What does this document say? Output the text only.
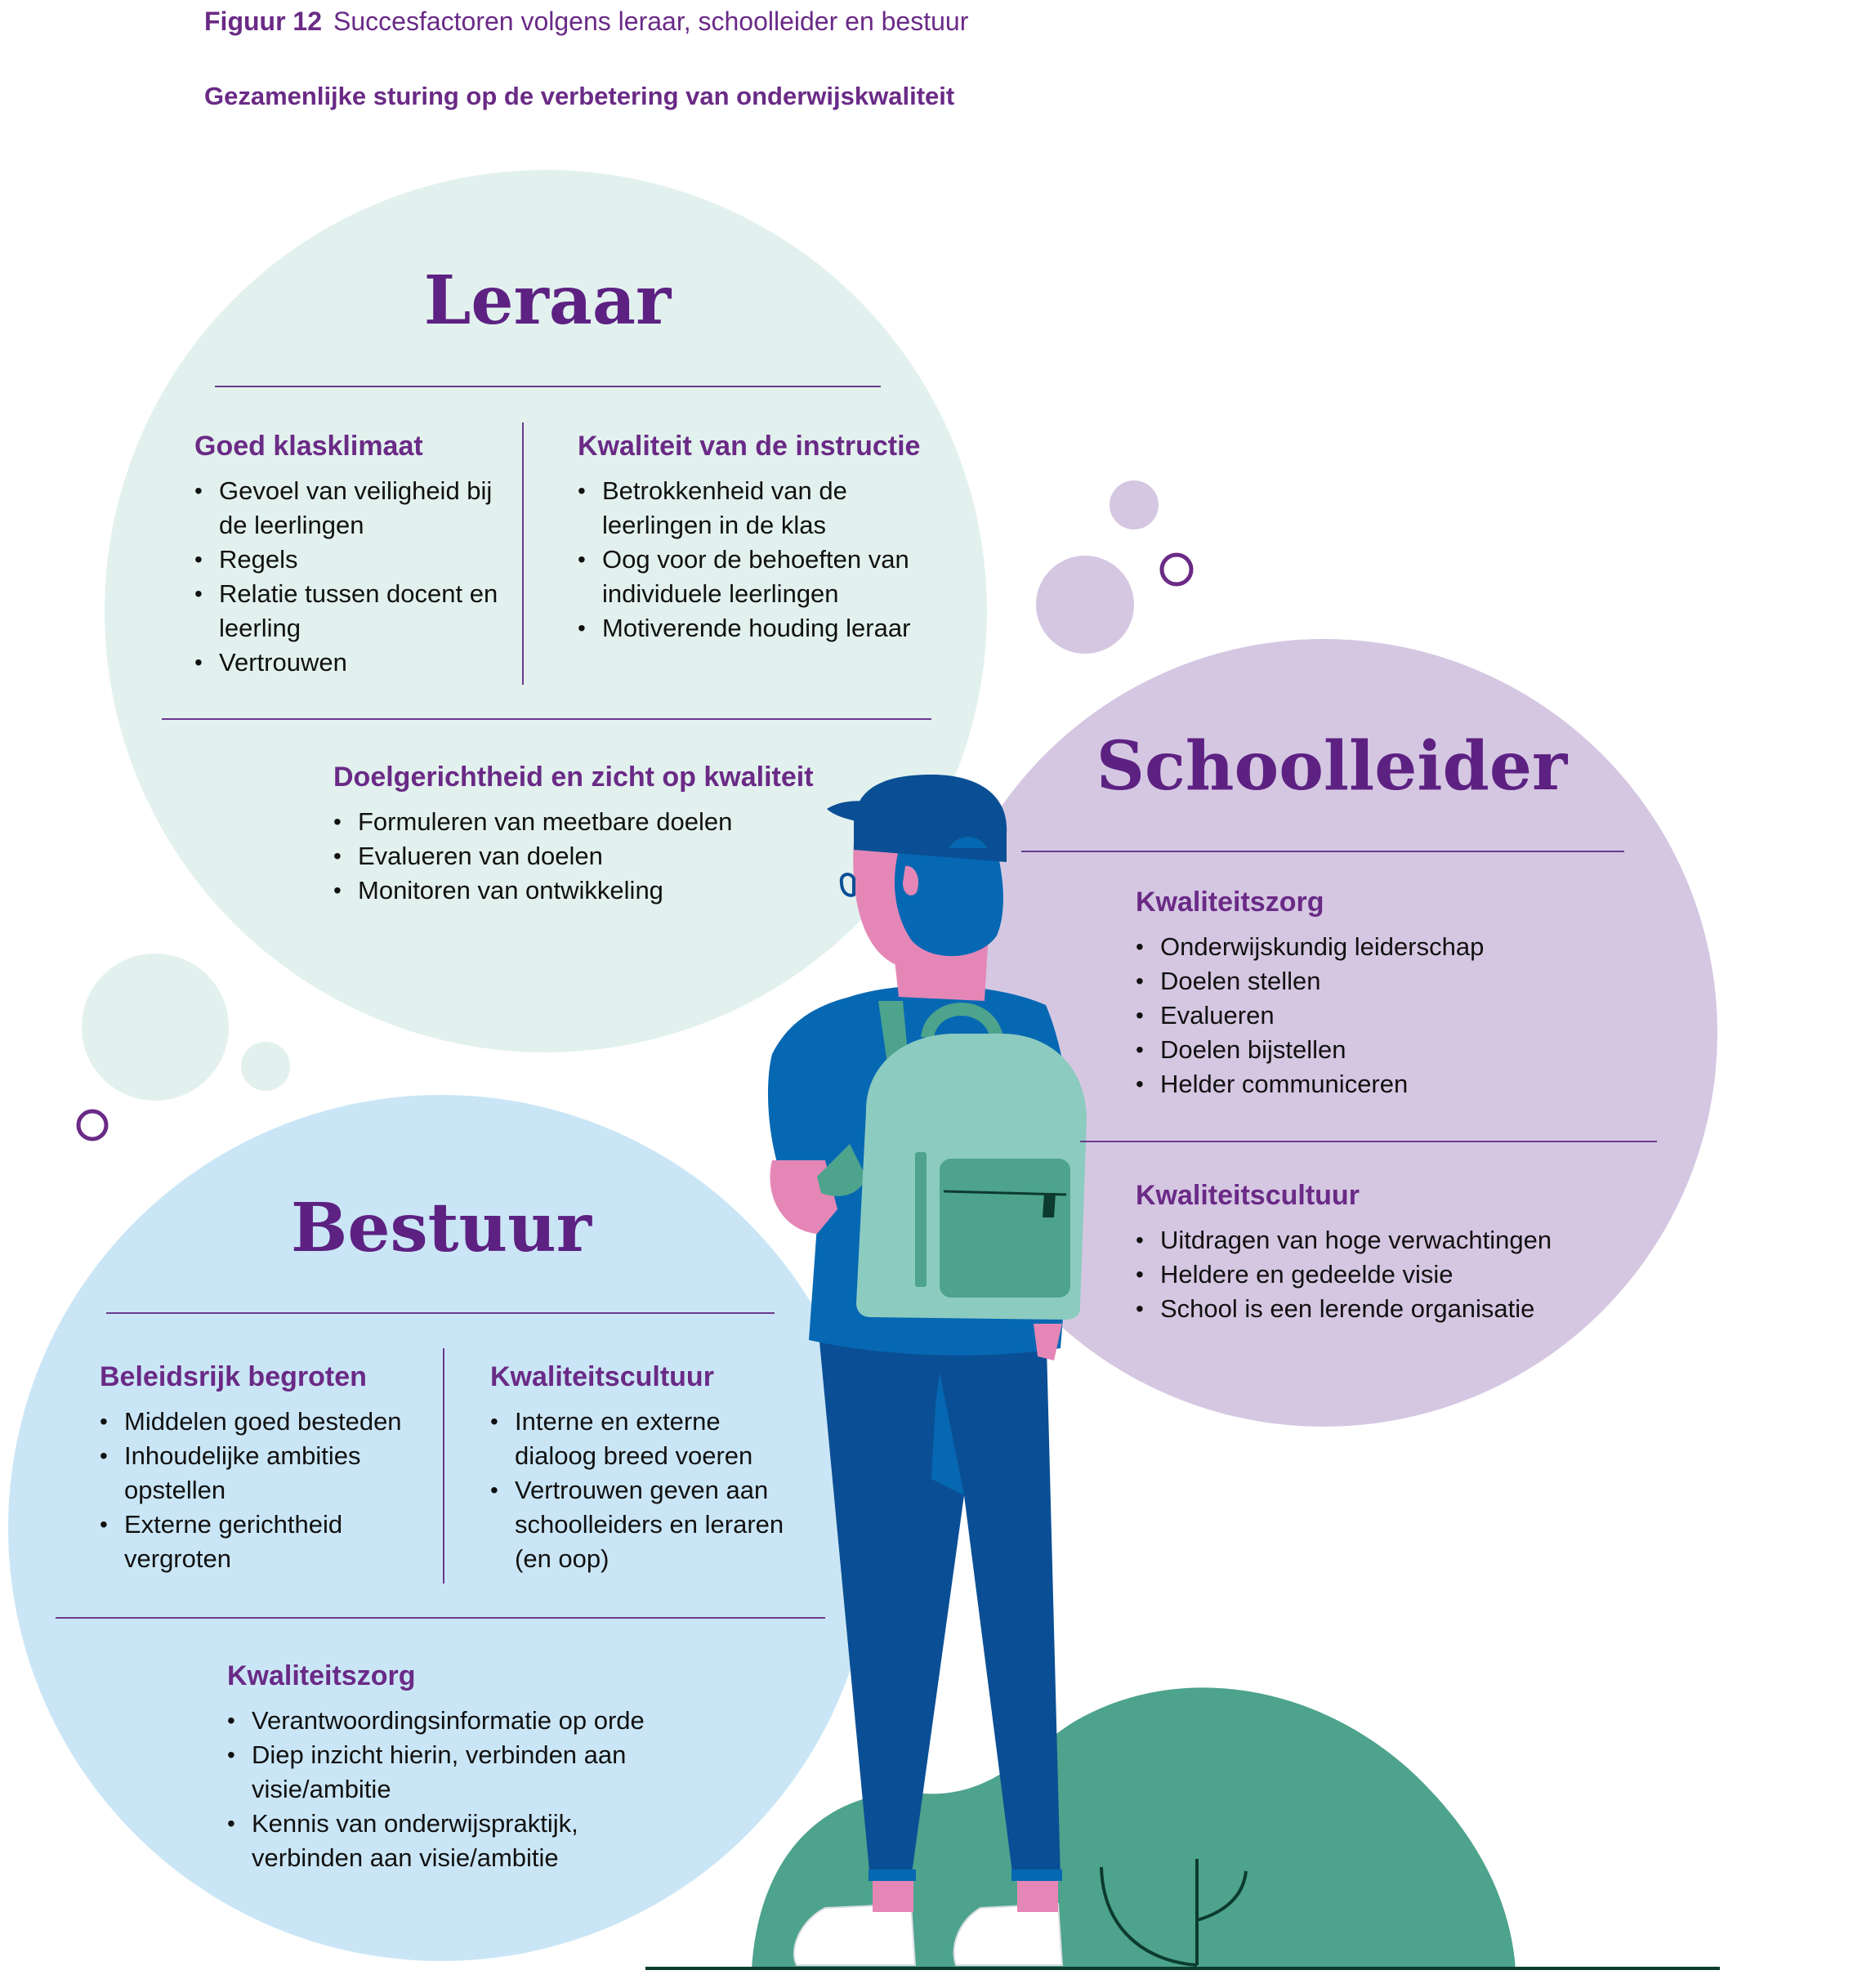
Figuur 12 Succesfactoren volgens leraar, schoolleider en bestuur
Gezamenlijke sturing op de verbetering van onderwijskwaliteit
Leraar
Goed klasklimaat
• Gevoel van veiligheid bij de leerlingen
• Regels
• Relatie tussen docent en leerling
• Vertrouwen
Kwaliteit van de instructie
• Betrokkenheid van de leerlingen in de klas
• Oog voor de behoeften van individuele leerlingen
• Motiverende houding leraar
Doelgerichtheid en zicht op kwaliteit
• Formuleren van meetbare doelen
• Evalueren van doelen
• Monitoren van ontwikkeling
Schoolleider
Kwaliteitszorg
• Onderwijskundig leiderschap
• Doelen stellen
• Evalueren
• Doelen bijstellen
• Helder communiceren
Kwaliteitscultuur
• Uitdragen van hoge verwachtingen
• Heldere en gedeelde visie
• School is een lerende organisatie
Bestuur
Beleidsrijk begroten
• Middelen goed besteden
• Inhoudelijke ambities opstellen
• Externe gerichtheid vergroten
Kwaliteitscultuur
• Interne en externe dialoog breed voeren
• Vertrouwen geven aan schoolleiders en leraren (en oop)
Kwaliteitszorg
• Verantwoordingsinformatie op orde
• Diep inzicht hierin, verbinden aan visie/ambitie
• Kennis van onderwijspraktijk, verbinden aan visie/ambitie
